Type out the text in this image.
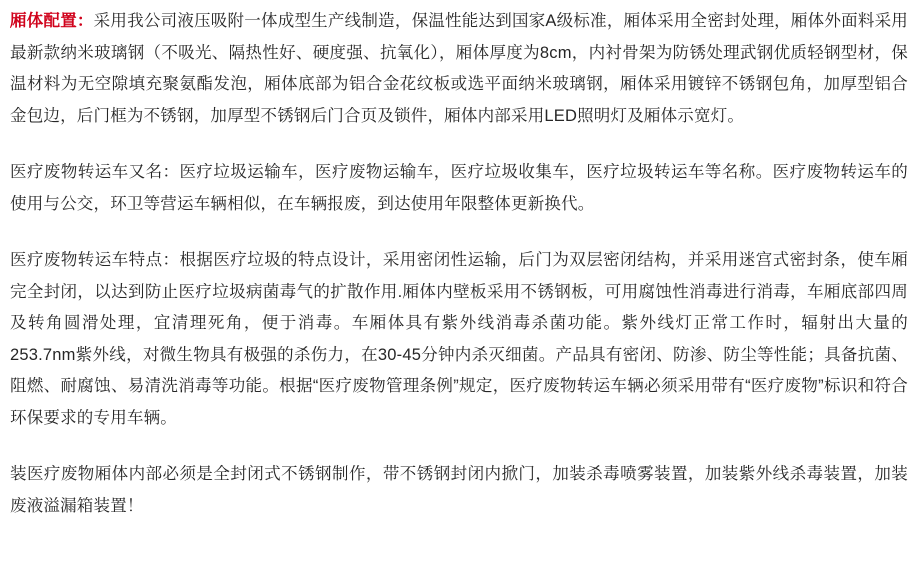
厢体配置：采用我公司液压吸附一体成型生产线制造，保温性能达到国家A级标准，厢体采用全密封处理，厢体外面料采用最新款纳米玻璃钢（不吸光、隔热性好、硬度强、抗氧化），厢体厚度为8cm，内衬骨架为防锈处理武钢优质轻钢型材，保温材料为无空隙填充聚氨酯发泡，厢体底部为铝合金花纹板或选平面纳米玻璃钢，厢体采用镀锌不锈钢包角，加厚型铝合金包边，后门框为不锈钢，加厚型不锈钢后门合页及锁件，厢体内部采用LED照明灯及厢体示宽灯。

医疗废物转运车又名：医疗垃圾运输车，医疗废物运输车，医疗垃圾收集车，医疗垃圾转运车等名称。医疗废物转运车的使用与公交，环卫等营运车辆相似，在车辆报废，到达使用年限整体更新换代。

医疗废物转运车特点：根据医疗垃圾的特点设计，采用密闭性运输，后门为双层密闭结构，并采用迷宫式密封条，使车厢完全封闭，以达到防止医疗垃圾病菌毒气的扩散作用.厢体内壁板采用不锈钢板，可用腐蚀性消毒进行消毒，车厢底部四周及转角圆滑处理，宜清理死角，便于消毒。车厢体具有紫外线消毒杀菌功能。紫外线灯正常工作时，辐射出大量的253.7nm紫外线，对微生物具有极强的杀伤力，在30-45分钟内杀灭细菌。产品具有密闭、防渗、防尘等性能；具备抗菌、阻燃、耐腐蚀、易清洗消毒等功能。根据“医疗废物管理条例”规定，医疗废物转运车辆必须采用带有“医疗废物”标识和符合环保要求的专用车辆。

装医疗废物厢体内部必须是全封闭式不锈钢制作，带不锈钢封闭内掀门，加装杀毒喷雾装置，加装紫外线杀毒装置，加装废液溢漏箱装置！
